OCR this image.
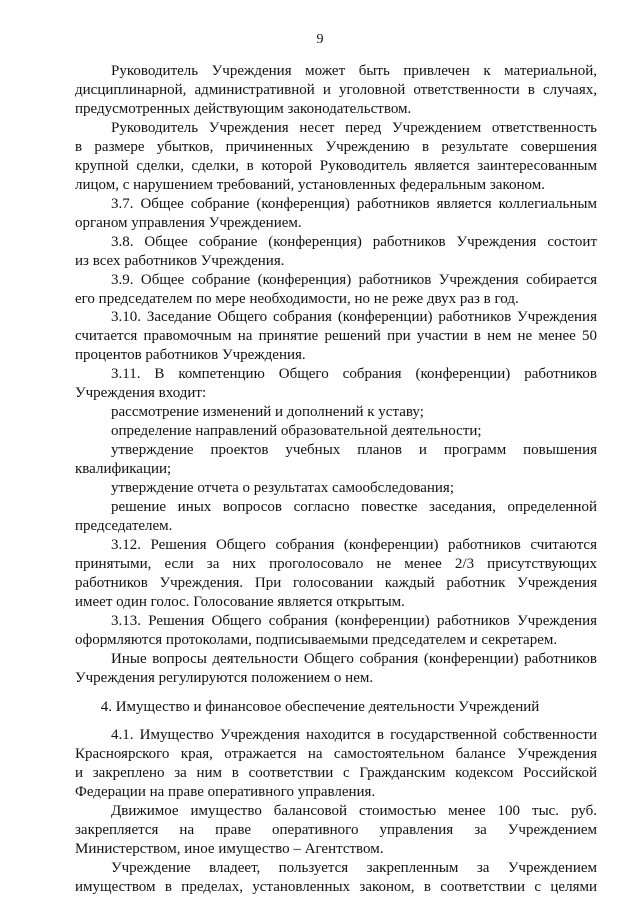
9
Руководитель Учреждения может быть привлечен к материальной,
дисциплинарной, административной и уголовной ответственности в случаях,
предусмотренных действующим законодательством.
Руководитель Учреждения несет перед Учреждением ответственность
в размере убытков, причиненных Учреждению в результате совершения
крупной сделки, сделки, в которой Руководитель является заинтересованным
лицом, с нарушением требований, установленных федеральным законом.
3.7. Общее собрание (конференция) работников является коллегиальным
органом управления Учреждением.
3.8. Общее собрание (конференция) работников Учреждения состоит
из всех работников Учреждения.
3.9. Общее собрание (конференция) работников Учреждения собирается
его председателем по мере необходимости, но не реже двух раз в год.
3.10. Заседание Общего собрания (конференции) работников Учреждения
считается правомочным на принятие решений при участии в нем не менее 50
процентов работников Учреждения.
3.11. В компетенцию Общего собрания (конференции) работников
Учреждения входит:
рассмотрение изменений и дополнений к уставу;
определение направлений образовательной деятельности;
утверждение проектов учебных планов и программ повышения
квалификации;
утверждение отчета о результатах самообследования;
решение иных вопросов согласно повестке заседания, определенной
председателем.
3.12. Решения Общего собрания (конференции) работников считаются
принятыми, если за них проголосовало не менее 2/3 присутствующих
работников Учреждения. При голосовании каждый работник Учреждения
имеет один голос. Голосование является открытым.
3.13. Решения Общего собрания (конференции) работников Учреждения
оформляются протоколами, подписываемыми председателем и секретарем.
Иные вопросы деятельности Общего собрания (конференции) работников
Учреждения регулируются положением о нем.
4. Имущество и финансовое обеспечение деятельности Учреждений
4.1. Имущество Учреждения находится в государственной собственности
Красноярского края, отражается на самостоятельном балансе Учреждения
и закреплено за ним в соответствии с Гражданским кодексом Российской
Федерации на праве оперативного управления.
Движимое имущество балансовой стоимостью менее 100 тыс. руб.
закрепляется на праве оперативного управления за Учреждением
Министерством, иное имущество – Агентством.
Учреждение владеет, пользуется закрепленным за Учреждением
имуществом в пределах, установленных законом, в соответствии с целями
